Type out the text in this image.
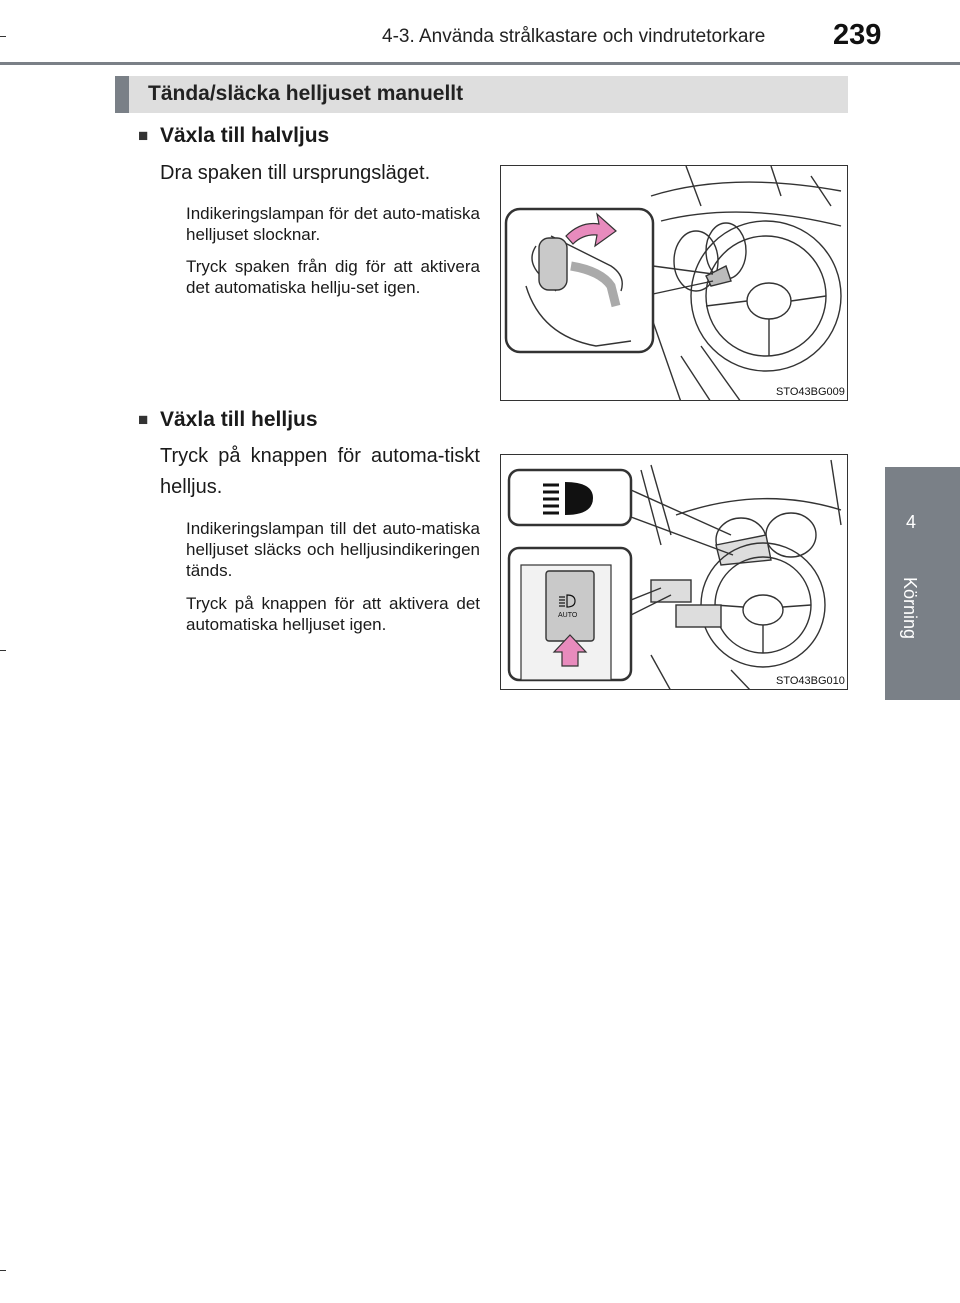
4-3. Använda strålkastare och vindrutetorkare 239
4
Körning
Tända/släcka helljuset manuellt
■ Växla till halvljus
Dra spaken till ursprungsläget.
Indikeringslampan för det auto-matiska helljuset slocknar.
Tryck spaken från dig för att aktivera det automatiska hellju-set igen.
STO43BG009
■ Växla till helljus
Tryck på knappen för automa-tiskt helljus.
Indikeringslampan till det auto-matiska helljuset släcks och helljusindikeringen tänds.
Tryck på knappen för att aktivera det automatiska helljuset igen.	AUTO
STO43BG010
